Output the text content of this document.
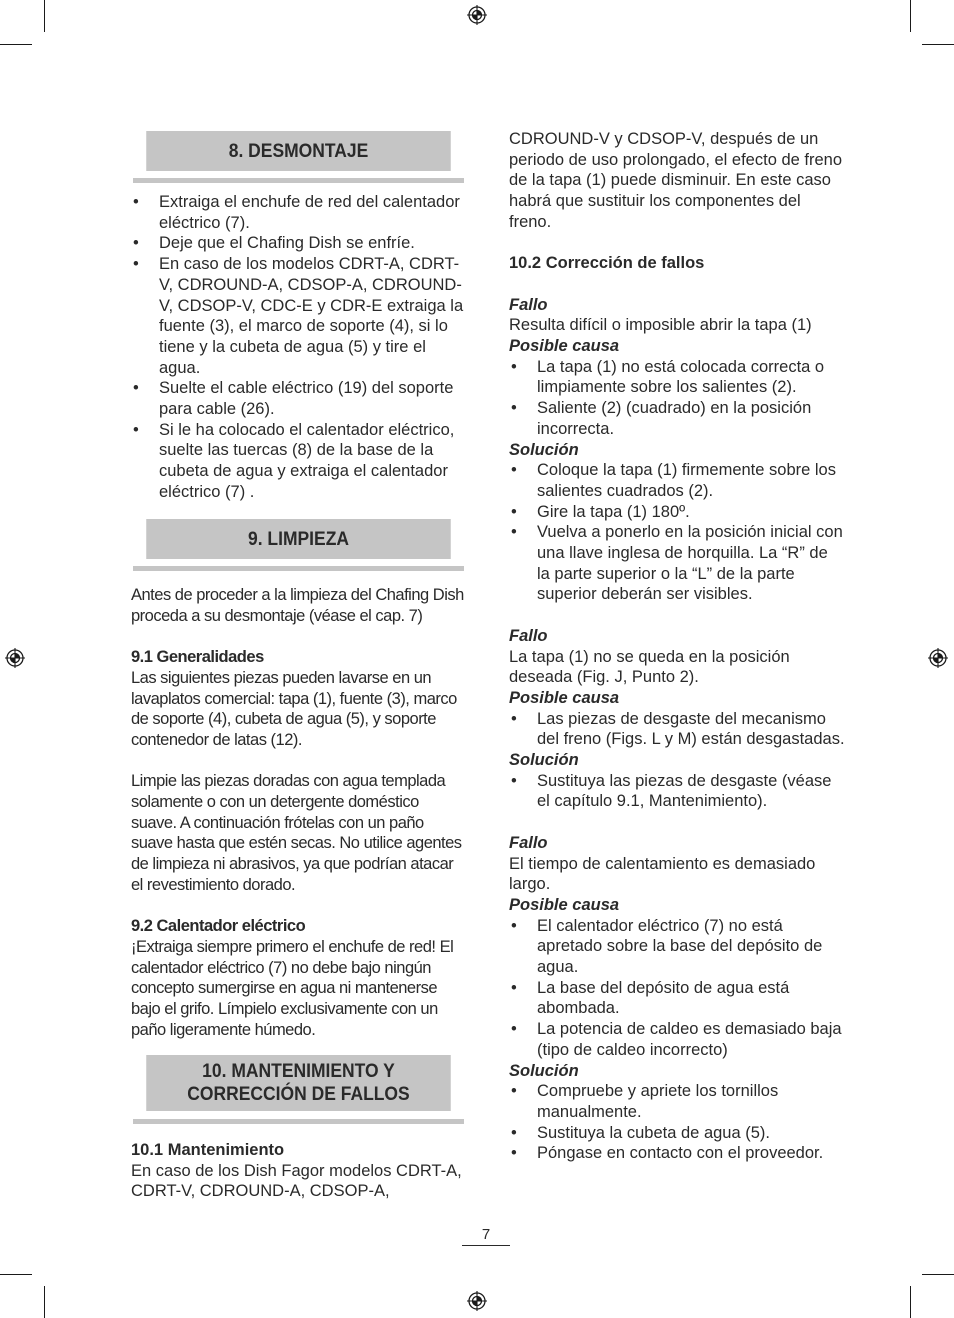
8. DESMONTAJE
• Extraiga el enchufe de red del calentador eléctrico (7).
• Deje que el Chafing Dish se enfríe.
• En caso de los modelos CDRT-A, CDRT-V, CDROUND-A, CDSOP-A, CDROUND-V, CDSOP-V, CDC-E y CDR-E extraiga la fuente (3), el marco de soporte (4), si lo tiene y la cubeta de agua (5) y tire el agua.
• Suelte el cable eléctrico (19) del soporte para cable (26).
• Si le ha colocado el calentador eléctrico, suelte las tuercas (8) de la base de la cubeta de agua y extraiga el calentador eléctrico (7) .
9. LIMPIEZA

Antes de proceder a la limpieza del Chafing Dish proceda a su desmontaje (véase el cap. 7)

9.1 Generalidades

Las siguientes piezas pueden lavarse en un lavaplatos comercial: tapa (1), fuente (3), marco de soporte (4), cubeta de agua (5), y soporte contenedor de latas (12).

Limpie las piezas doradas con agua templada solamente o con un detergente doméstico suave. A continuación frótelas con un paño suave hasta que estén secas. No utilice agentes de limpieza ni abrasivos, ya que podrían atacar el revestimiento dorado.

9.2 Calentador eléctrico

¡Extraiga siempre primero el enchufe de red! El calentador eléctrico (7) no debe bajo ningún concepto sumergirse en agua ni mantenerse bajo el grifo. Límpielo exclusivamente con un paño ligeramente húmedo.

10. MANTENIMIENTO Y
CORRECCIÓN DE FALLOS

10.1 Mantenimiento

En caso de los Dish Fagor modelos CDRT-A, CDRT-V, CDROUND-A, CDSOP-A,

CDROUND-V y CDSOP-V, después de un periodo de uso prolongado, el efecto de freno de la tapa (1) puede disminuir. En este caso habrá que sustituir los componentes del freno.

10.2 Corrección de fallos

Fallo

Resulta difícil o imposible abrir la tapa (1)

Posible causa

• La tapa (1) no está colocada correcta o limpiamente sobre los salientes (2).
• Saliente (2) (cuadrado) en la posición incorrecta.

Solución

• Coloque la tapa (1) firmemente sobre los salientes cuadrados (2).
• Gire la tapa (1) 180º.
• Vuelva a ponerlo en la posición inicial con una llave inglesa de horquilla. La “R” de la parte superior o la “L” de la parte superior deberán ser visibles.

Fallo

La tapa (1) no se queda en la posición deseada (Fig. J, Punto 2).

Posible causa

• Las piezas de desgaste del mecanismo del freno (Figs. L y M) están desgastadas.

Solución

• Sustituya las piezas de desgaste (véase el capítulo 9.1, Mantenimiento).

Fallo

El tiempo de calentamiento es demasiado largo.

Posible causa

• El calentador eléctrico (7) no está apretado sobre la base del depósito de agua.
• La base del depósito de agua está abombada.
• La potencia de caldeo es demasiado baja (tipo de caldeo incorrecto)

Solución

• Compruebe y apriete los tornillos manualmente.
• Sustituya la cubeta de agua (5).
• Póngase en contacto con el proveedor.
7
